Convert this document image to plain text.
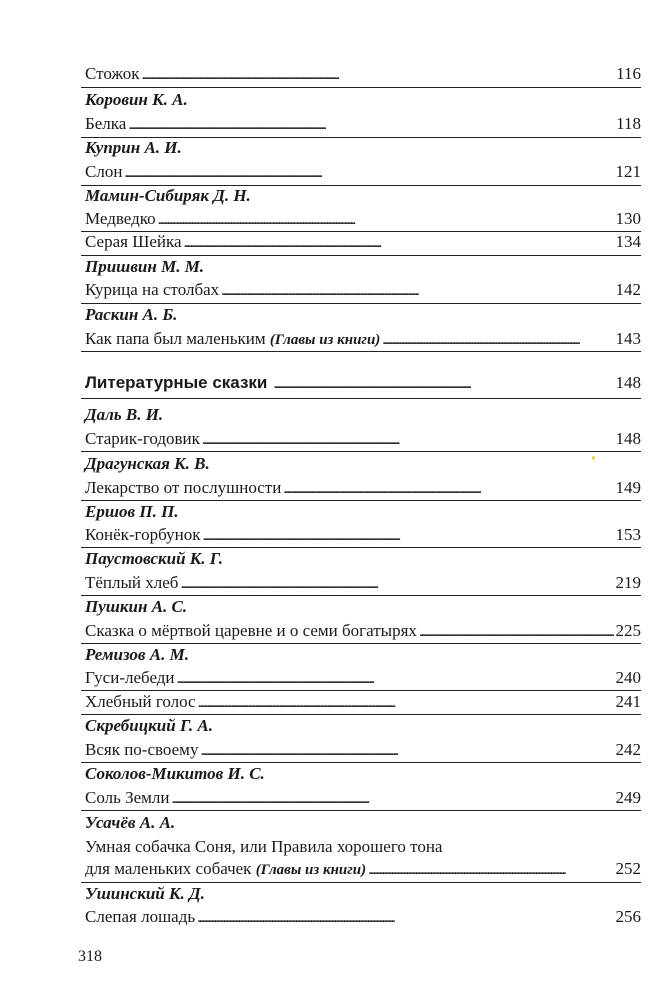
Стожок . . .	116
Коровин К. А.
Белка . . .	118
Куприн А. И.
Слон . . .	121
Мамин-Сибиряк Д. Н.
Медведко . . .	130
Серая Шейка . . .	134
Пришвин М. М.
Курица на столбах . . .	142
Раскин А. Б.
Как папа был маленьким (Главы из книги) . . .	143
Литературные сказки . . .	148
Даль В. И.
Старик-годовик . . .	148
Драгунская К. В.
Лекарство от послушности . . .	149
Ершов П. П.
Конёк-горбунок . . .	153
Паустовский К. Г.
Тёплый хлеб . . .	219
Пушкин А. С.
Сказка о мёртвой царевне и о семи богатырях . . .	225
Ремизов А. М.
Гуси-лебеди . . .	240
Хлебный голос . . .	241
Скребицкий Г. А.
Всяк по-своему . . .	242
Соколов-Микитов И. С.
Соль Земли . . .	249
Усачёв А. А.
Умная собачка Соня, или Правила хорошего тона
для маленьких собачек (Главы из книги) . . .	252
Ушинский К. Д.
Слепая лошадь . . .	256
318
